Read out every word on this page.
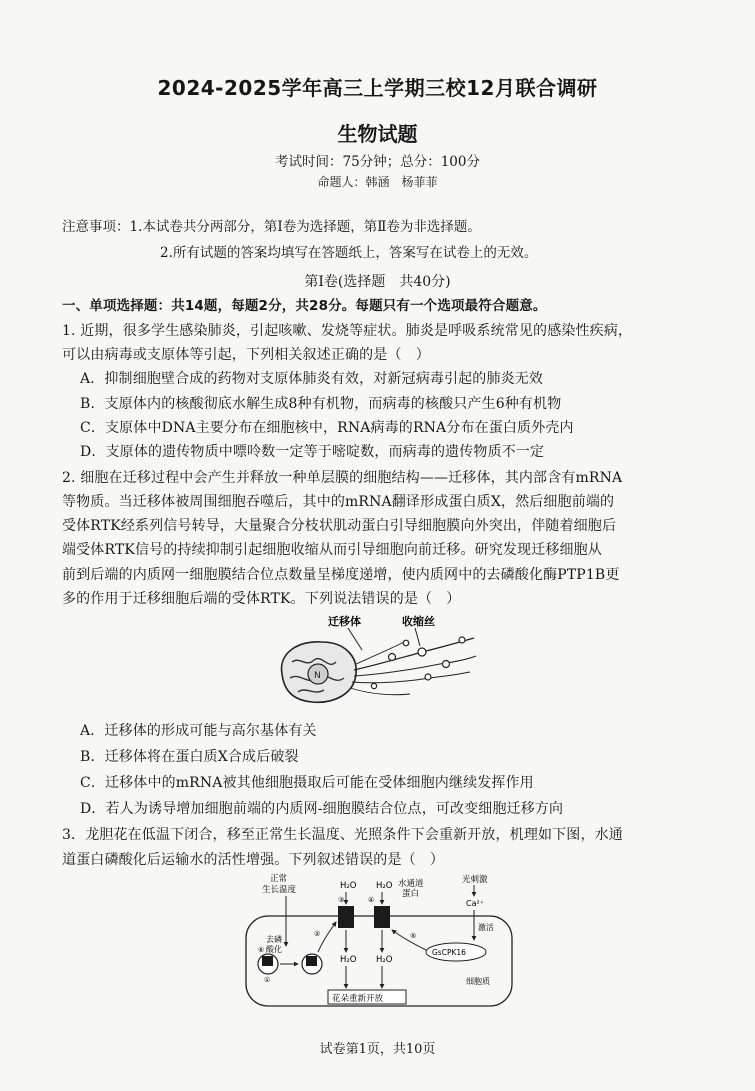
2024-2025学年高三上学期三校12月联合调研
生物试题
考试时间：75分钟；总分：100分
命题人：韩涵　杨菲菲
注意事项：1.本试卷共分两部分，第Ⅰ卷为选择题，第Ⅱ卷为非选择题。
2.所有试题的答案均填写在答题纸上，答案写在试卷上的无效。
第Ⅰ卷(选择题　共40分)
一、单项选择题：共14题，每题2分，共28分。每题只有一个选项最符合题意。
1. 近期，很多学生感染肺炎，引起咳嗽、发烧等症状。肺炎是呼吸系统常见的感染性疾病，
可以由病毒或支原体等引起，下列相关叙述正确的是（　）
A．抑制细胞壁合成的药物对支原体肺炎有效，对新冠病毒引起的肺炎无效
B．支原体内的核酸彻底水解生成8种有机物，而病毒的核酸只产生6种有机物
C．支原体中DNA主要分布在细胞核中，RNA病毒的RNA分布在蛋白质外壳内
D．支原体的遗传物质中嘌呤数一定等于嘧啶数，而病毒的遗传物质不一定
2. 细胞在迁移过程中会产生并释放一种单层膜的细胞结构——迁移体，其内部含有mRNA
等物质。当迁移体被周围细胞吞噬后，其中的mRNA翻译形成蛋白质X，然后细胞前端的
受体RTK经系列信号转导，大量聚合分枝状肌动蛋白引导细胞膜向外突出，伴随着细胞后
端受体RTK信号的持续抑制引起细胞收缩从而引导细胞向前迁移。研究发现迁移细胞从
前到后端的内质网一细胞膜结合位点数量呈梯度递增，使内质网中的去磷酸化酶PTP1B更
多的作用于迁移细胞后端的受体RTK。下列说法错误的是（　）
迁移体	收缩丝
N
A．迁移体的形成可能与高尔基体有关
B．迁移体将在蛋白质X合成后破裂
C．迁移体中的mRNA被其他细胞摄取后可能在受体细胞内继续发挥作用
D．若人为诱导增加细胞前端的内质网-细胞膜结合位点，可改变细胞迁移方向
3．龙胆花在低温下闭合，移至正常生长温度、光照条件下会重新开放，机理如下图，水通
道蛋白磷酸化后运输水的活性增强。下列叙述错误的是（　）
正常
生长温度	H₂O H₂O 水通道
蛋白
③	④
H₂O H₂O
花朵重新开放
①
⑥
去磷
酸化
②
光刺激
Ca²⁺
激活
GsCPK16
⑤
细胞质
试卷第1页，共10页
